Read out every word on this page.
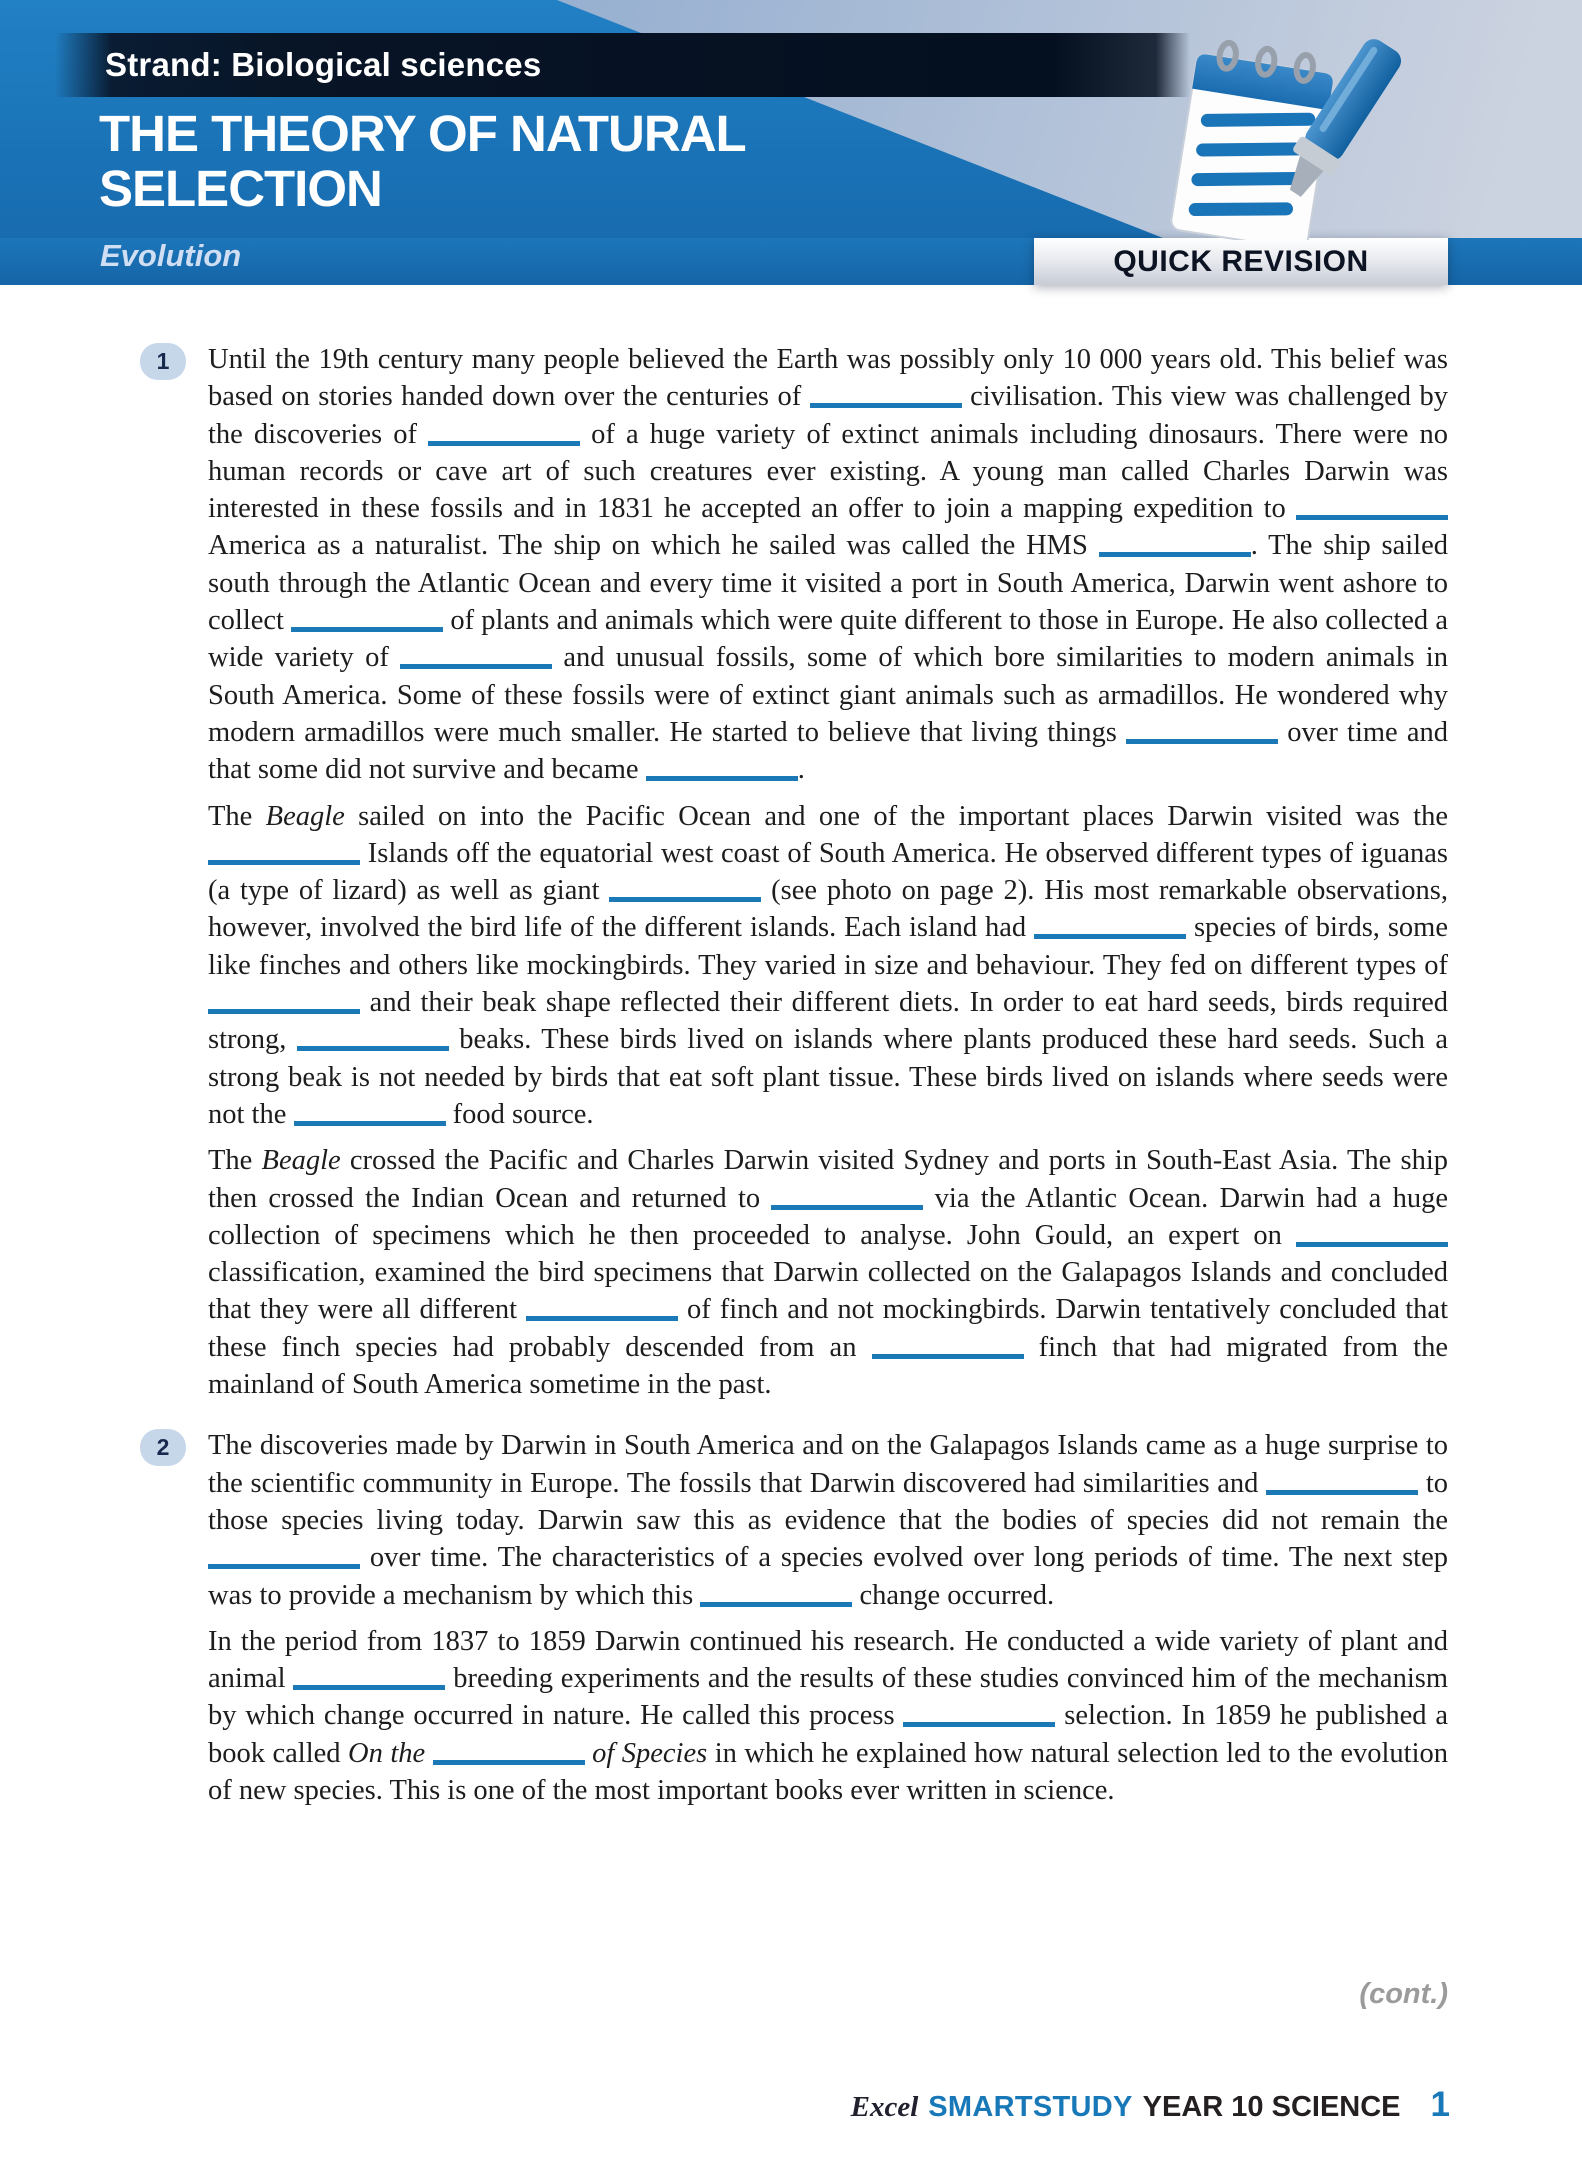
Strand: Biological sciences
THE THEORY OF NATURAL
SELECTION
Evolution	QUICK REVISION
1	Until the 19th century many people believed the Earth was possibly only 10 000 years old. This belief was based on stories handed down over the centuries of	civilisation. This view was challenged by the discoveries of	of a huge variety of extinct animals including dinosaurs. There were no human records or cave art of such creatures ever existing. A young man called Charles Darwin was interested in these fossils and in 1831 he accepted an offer to join a mapping expedition to  America as a naturalist. The ship on which he sailed was called the HMS	. The ship sailed south through the Atlantic Ocean and every time it visited a port in South America, Darwin went ashore to collect	of plants and animals which were quite different to those in Europe. He also collected a wide variety of	and unusual fossils, some of which bore similarities to modern animals in South America. Some of these fossils were of extinct giant animals such as armadillos. He wondered why modern armadillos were much smaller. He started to believe that living things	over time and that some did not survive and became	.

The Beagle sailed on into the Pacific Ocean and one of the important places Darwin visited was the  Islands off the equatorial west coast of South America. He observed different types of iguanas (a type of lizard) as well as giant	(see photo on page 2). His most remarkable observations, however, involved the bird life of the different islands. Each island had	species of birds, some like finches and others like mockingbirds. They varied in size and behaviour. They fed on different types of  and their beak shape reflected their different diets. In order to eat hard seeds, birds required strong,	beaks. These birds lived on islands where plants produced these hard seeds. Such a strong beak is not needed by birds that eat soft plant tissue. These birds lived on islands where seeds were not the	food source.

The Beagle crossed the Pacific and Charles Darwin visited Sydney and ports in South-East Asia. The ship then crossed the Indian Ocean and returned to	via the Atlantic Ocean. Darwin had a huge collection of specimens which he then proceeded to analyse. John Gould, an expert on  classification, examined the bird specimens that Darwin collected on the Galapagos Islands and concluded that they were all different	of finch and not mockingbirds. Darwin tentatively concluded that these finch species had probably descended from an	finch that had migrated from the mainland of South America sometime in the past.

2	The discoveries made by Darwin in South America and on the Galapagos Islands came as a huge surprise to the scientific community in Europe. The fossils that Darwin discovered had similarities and	to those species living today. Darwin saw this as evidence that the bodies of species did not remain the  over time. The characteristics of a species evolved over long periods of time. The next step was to provide a mechanism by which this	change occurred.

In the period from 1837 to 1859 Darwin continued his research. He conducted a wide variety of plant and animal	breeding experiments and the results of these studies convinced him of the mechanism by which change occurred in nature. He called this process	selection. In 1859 he published a book called On the	of Species in which he explained how natural selection led to the evolution of new species. This is one of the most important books ever written in science.

(cont.)
Excel SMARTSTUDY YEAR 10 SCIENCE 1
